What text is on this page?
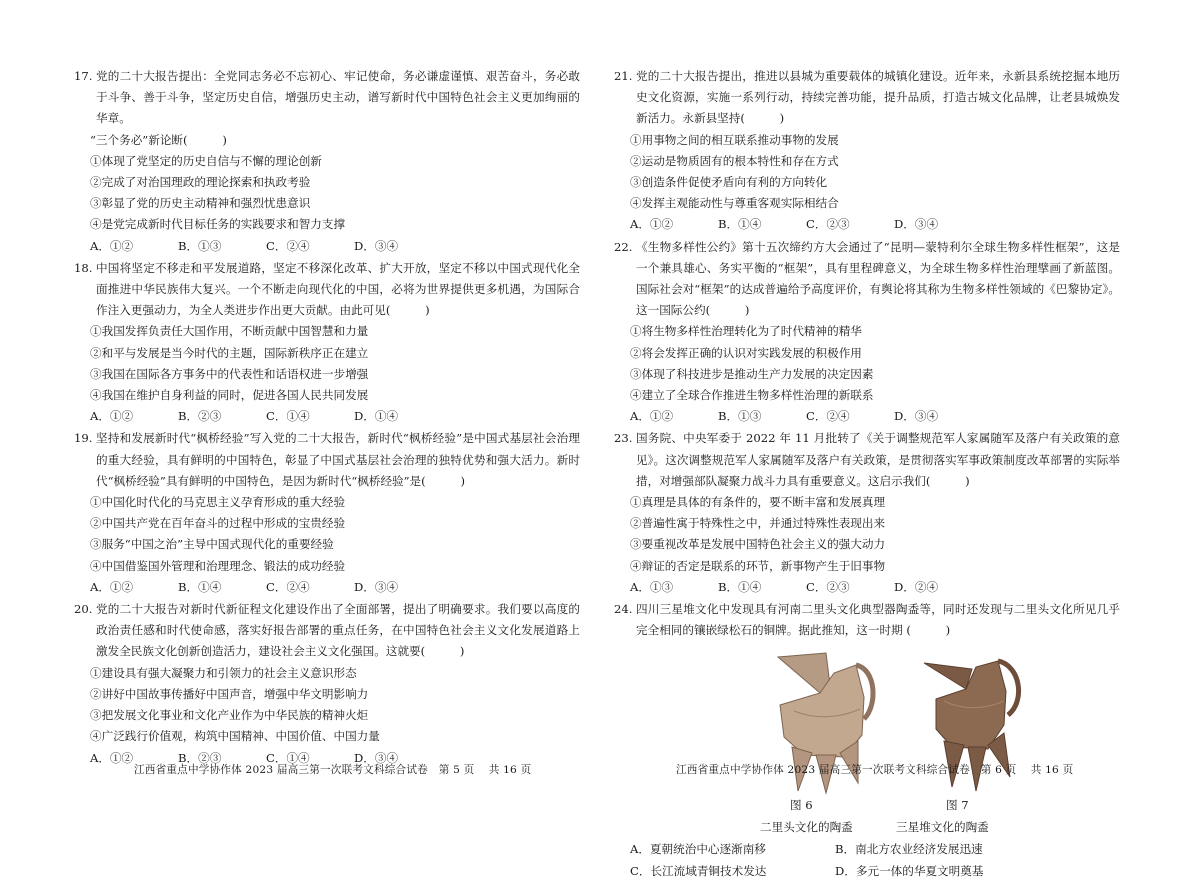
17. 党的二十大报告提出：全党同志务必不忘初心、牢记使命，务必谦虚谨慎、艰苦奋斗，务必敢于斗争、善于斗争，坚定历史自信，增强历史主动，谱写新时代中国特色社会主义更加绚丽的华章。
“三个务必”新论断(　　　)
①体现了党坚定的历史自信与不懈的理论创新
②完成了对治国理政的理论探索和执政考验
③彰显了党的历史主动精神和强烈忧患意识
④是党完成新时代目标任务的实践要求和智力支撑
A．①②	B．①③	C．②④	D．③④
18. 中国将坚定不移走和平发展道路，坚定不移深化改革、扩大开放，坚定不移以中国式现代化全面推进中华民族伟大复兴。一个不断走向现代化的中国，必将为世界提供更多机遇，为国际合作注入更强动力，为全人类进步作出更大贡献。由此可见(　　　)
①我国发挥负责任大国作用，不断贡献中国智慧和力量
②和平与发展是当今时代的主题，国际新秩序正在建立
③我国在国际各方事务中的代表性和话语权进一步增强
④我国在维护自身利益的同时，促进各国人民共同发展
A．①②	B．②③	C．①④	D．①④
19. 坚持和发展新时代“枫桥经验”写入党的二十大报告，新时代“枫桥经验”是中国式基层社会治理的重大经验，具有鲜明的中国特色，彰显了中国式基层社会治理的独特优势和强大活力。新时代“枫桥经验”具有鲜明的中国特色，是因为新时代“枫桥经验”是(　　　)
①中国化时代化的马克思主义孕育形成的重大经验
②中国共产党在百年奋斗的过程中形成的宝贵经验
③服务“中国之治”主导中国式现代化的重要经验
④中国借鉴国外管理和治理理念、锻法的成功经验
A．①②	B．①④	C．②④	D．③④
20. 党的二十大报告对新时代新征程文化建设作出了全面部署，提出了明确要求。我们要以高度的政治责任感和时代使命感，落实好报告部署的重点任务，在中国特色社会主义文化发展道路上激发全民族文化创新创造活力，建设社会主义文化强国。这就要(　　　)
①建设具有强大凝聚力和引领力的社会主义意识形态
②讲好中国故事传播好中国声音，增强中华文明影响力
③把发展文化事业和文化产业作为中华民族的精神火炬
④广泛践行价值观，构筑中国精神、中国价值、中国力量
A．①②	B．②③	C．①④	D．③④
21. 党的二十大报告提出，推进以县城为重要载体的城镇化建设。近年来，永新县系统挖掘本地历史文化资源，实施一系列行动，持续完善功能，提升品质，打造古城文化品牌，让老县城焕发新活力。永新县坚持(　　　)
①用事物之间的相互联系推动事物的发展
②运动是物质固有的根本特性和存在方式
③创造条件促使矛盾向有利的方向转化
④发挥主观能动性与尊重客观实际相结合
A．①②	B．①④	C．②③	D．③④
22. 《生物多样性公约》第十五次缔约方大会通过了“昆明—蒙特利尔全球生物多样性框架”，这是一个兼具雄心、务实平衡的“框架”，具有里程碑意义，为全球生物多样性治理擘画了新蓝图。国际社会对“框架”的达成普遍给予高度评价，有舆论将其称为生物多样性领域的《巴黎协定》。这一国际公约(　　　)
①将生物多样性治理转化为了时代精神的精华
②将会发挥正确的认识对实践发展的积极作用
③体现了科技进步是推动生产力发展的决定因素
④建立了全球合作推进生物多样性治理的新联系
A．①②	B．①③	C．②④	D．③④
23. 国务院、中央军委于 2022 年 11 月批转了《关于调整规范军人家属随军及落户有关政策的意见》。这次调整规范军人家属随军及落户有关政策，是贯彻落实军事政策制度改革部署的实际举措，对增强部队凝聚力战斗力具有重要意义。这启示我们(　　　)
①真理是具体的有条件的，要不断丰富和发展真理
②普遍性寓于特殊性之中，并通过特殊性表现出来
③要重视改革是发展中国特色社会主义的强大动力
④辩证的否定是联系的环节，新事物产生于旧事物
A．①③	B．①④	C．②③	D．②④
24. 四川三星堆文化中发现具有河南二里头文化典型器陶盉等，同时还发现与二里头文化所见几乎完全相同的镶嵌绿松石的铜牌。据此推知，这一时期 (　　　)
图 6	图 7
二里头文化的陶盉	三星堆文化的陶盉
A．夏朝统治中心逐渐南移	B．南北方农业经济发展迅速
C．长江流域青铜技术发达	D．多元一体的华夏文明奠基
江西省重点中学协作体 2023 届高三第一次联考文科综合试卷　第 5 页　 共 16 页	江西省重点中学协作体 2023 届高三第一次联考文科综合试卷　第 6 页　 共 16 页
